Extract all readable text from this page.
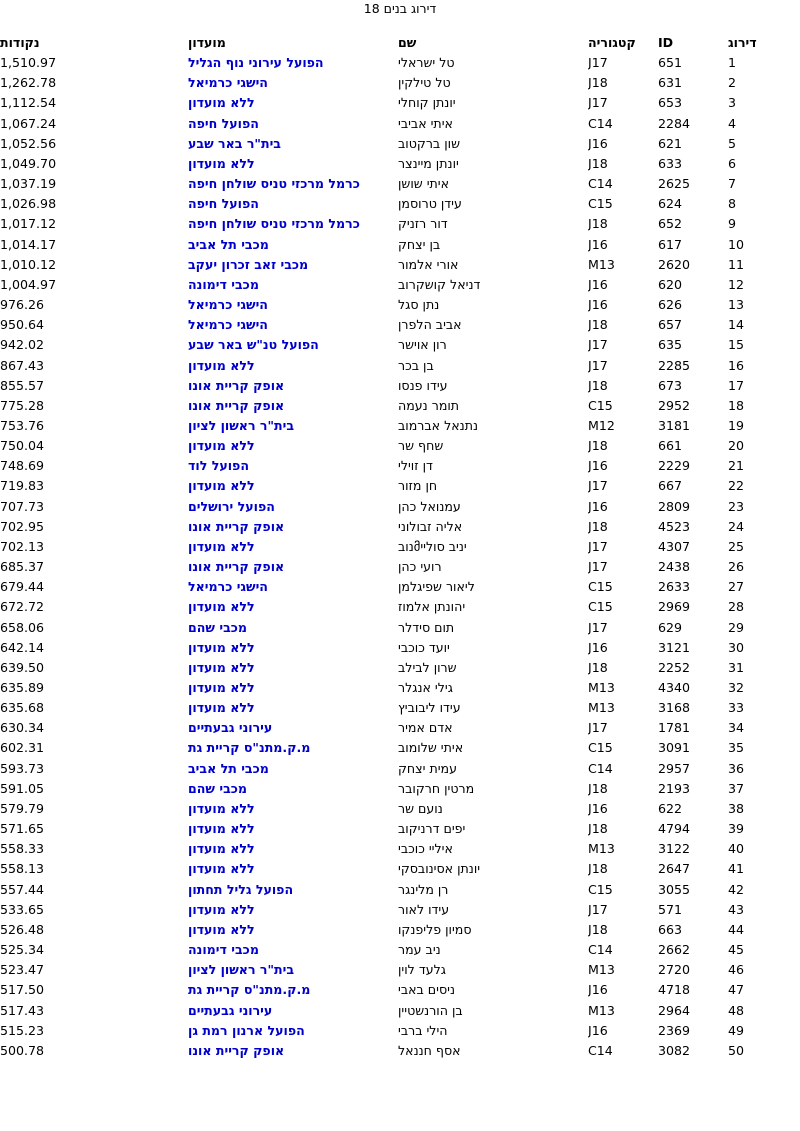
דירוג בנים 18
דירוג	ID	קטגוריה	שם	מועדון	נקודות
1	651	J17	טל ישראלי	הפועל עירוני נוף הגליל	1,510.97
2	631	J18	טל טילקין	הישגי כרמיאל	1,262.78
3	653	J17	יונתן קוחלי	ללא מועדון	1,112.54
4	2284	C14	איתי אביבי	הפועל חיפה	1,067.24
5	621	J16	שון ברקטוב	בית"ר באר שבע	1,052.56
6	633	J18	יונתן מיינצר	ללא מועדון	1,049.70
7	2625	C14	איתי שושן	כרמל מרכזי טניס שולחן חיפה	1,037.19
8	624	C15	עידן טרוסמן	הפועל חיפה	1,026.98
9	652	J18	דור רזניק	כרמל מרכזי טניס שולחן חיפה	1,017.12
10	617	J16	בן יצחק	מכבי תל אביב	1,014.17
11	2620	M13	אורי אלמור	מכבי זאב זכרון יעקב	1,010.12
12	620	J16	דניאל קושקרוב	מכבי דימונה	1,004.97
13	626	J16	נתן סגל	הישגי כרמיאל	976.26
14	657	J18	אביב הלפרן	הישגי כרמיאל	950.64
15	635	J17	רון אוישר	הפועל טנ"ש באר שבע	942.02
16	2285	J17	בן בכר	ללא מועדון	867.43
17	673	J18	עידו פנסו	אופק קריית אונו	855.57
18	2952	C15	תומר נעמה	אופק קריית אונו	775.28
19	3181	M12	נתנאל אברמוב	בית"ר ראשון לציון	753.76
20	661	J18	שחף שר	ללא מועדון	750.04
21	2229	J16	דן זוילי	הפועל לוד	748.69
22	667	J17	חן מזור	ללא מועדון	719.83
23	2809	J16	עמנואל כהן	הפועל ירושלים	707.73
24	4523	J18	אליה זבולוני	אופק קריית אונו	702.95
25	4307	J17	יניב סולייმנוב	ללא מועדון	702.13
26	2438	J17	רועי כהן	אופק קריית אונו	685.37
27	2633	C15	ליאור שפיגלמן	הישגי כרמיאל	679.44
28	2969	C15	יהונתן אלמוז	ללא מועדון	672.72
29	629	J17	תום סידלר	מכבי שהם	658.06
30	3121	J16	יועד כוכבי	ללא מועדון	642.14
31	2252	J18	שרון לבילב	ללא מועדון	639.50
32	4340	M13	גילי אנגלר	ללא מועדון	635.89
33	3168	M13	עידו ליבוביץ	ללא מועדון	635.68
34	1781	J17	אדם אמיר	עירוני גבעתיים	630.34
35	3091	C15	איתי שלומוב	מ.ק.מתנ"ס קריית גת	602.31
36	2957	C14	עמית יצחק	מכבי תל אביב	593.73
37	2193	J18	מרטין חרקובר	מכבי שהם	591.05
38	622	J16	נועם שר	ללא מועדון	579.79
39	4794	J18	יפים דרניקוב	ללא מועדון	571.65
40	3122	M13	איליי כוכבי	ללא מועדון	558.33
41	2647	J18	יונתן אסינובסקי	ללא מועדון	558.13
42	3055	C15	רן מלינגר	הפועל גליל תחתון	557.44
43	571	J17	עידו לאור	ללא מועדון	533.65
44	663	J18	סמיון פליפנקו	ללא מועדון	526.48
45	2662	C14	ניב עמר	מכבי דימונה	525.34
46	2720	M13	גלעד לוין	בית"ר ראשון לציון	523.47
47	4718	J16	ניסים באבי	מ.ק.מתנ"ס קריית גת	517.50
48	2964	M13	בן הורנשטיין	עירוני גבעתיים	517.43
49	2369	J16	הילי ברבי	הפועל ארנון רמת גן	515.23
50	3082	C14	אסף חננאל	אופק קריית אונו	500.78
